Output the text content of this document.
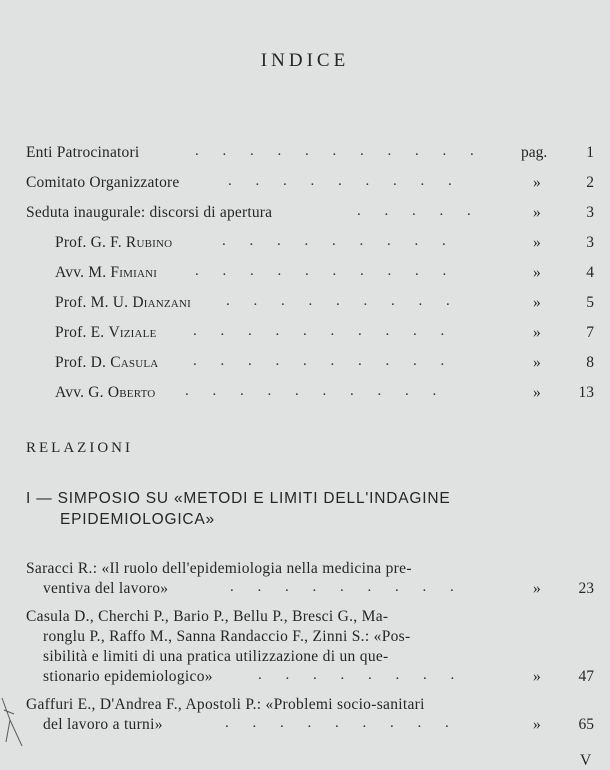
INDICE
Enti Patrocinatori	. . . . . . . . . . . pag.	1
Comitato Organizzatore	. . . . . . . . .	»	2
Seduta inaugurale: discorsi di apertura	. . . . .	»	3
Prof. G. F. Rubino	. . . . . . . . .	»	3
Avv. M. Fimiani	. . . . . . . . . .	»	4
Prof. M. U. Dianzani . . . . . . . . .	»	5
Prof. E. Viziale . . . . . . . . . .	»	7
Prof. D. Casula . . . . . . . . . .	»	8
Avv. G. Oberto . . . . . . . . . .	»	13
RELAZIONI
I — SIMPOSIO SU «METODI E LIMITI DELL'INDAGINE
EPIDEMIOLOGICA»
Saracci R.: «Il ruolo dell'epidemiologia nella medicina pre-
ventiva del lavoro»	. . . . . . . . .	»	23
Casula D., Cherchi P., Bario P., Bellu P., Bresci G., Ma-
ronglu P., Raffo M., Sanna Randaccio F., Zinni S.: «Pos-
sibilità e limiti di una pratica utilizzazione di un que-
stionario epidemiologico»	. . . . . . . .	»	47
Gaffuri E., D'Andrea F., Apostoli P.: «Problemi socio-sanitari
del lavoro a turni»	. . . . . . . . .	»	65
V
